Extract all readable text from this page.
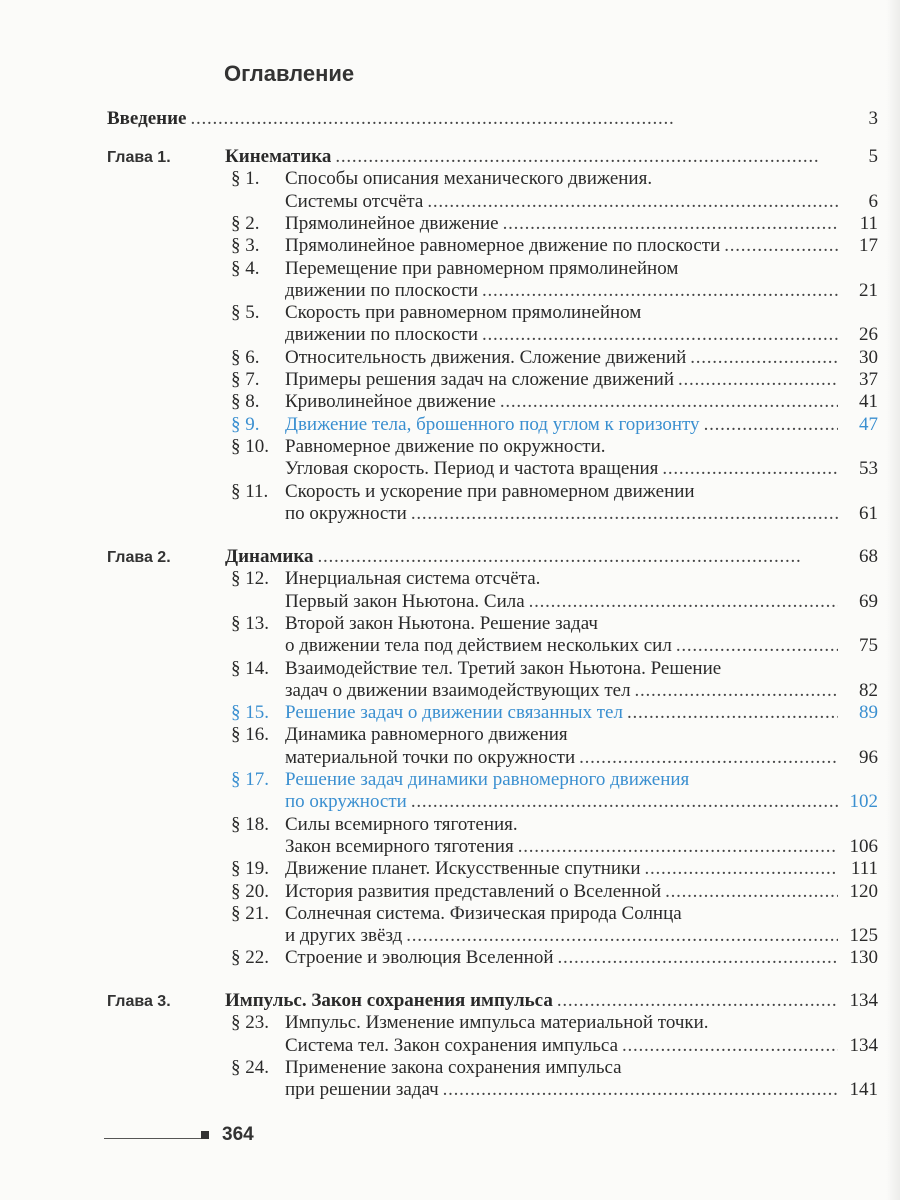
Оглавление
Введение . . .	3
Глава 1.	Кинематика . . .	5
§ 1. Способы описания механического движения.
Системы отсчёта . . .	6
§ 2.	Прямолинейное движение . . .	11
§ 3.	Прямолинейное равномерное движение по плоскости . . .	17
§ 4. Перемещение при равномерном прямолинейном
движении по плоскости . . .	21
§ 5. Скорость при равномерном прямолинейном
движении по плоскости . . .	26
§ 6.	Относительность движения. Сложение движений . . .	30
§ 7.	Примеры решения задач на сложение движений . . .	37
§ 8.	Криволинейное движение . . .	41
§ 9.	Движение тела, брошенного под углом к горизонту . . .	47
§ 10. Равномерное движение по окружности.
Угловая скорость. Период и частота вращения . . .	53
§ 11. Скорость и ускорение при равномерном движении
по окружности . . .	61
Глава 2.	Динамика . . .	68
§ 12. Инерциальная система отсчёта.
Первый закон Ньютона. Сила . . .	69
§ 13. Второй закон Ньютона. Решение задач
о движении тела под действием нескольких сил . . .	75
§ 14. Взаимодействие тел. Третий закон Ньютона. Решение
задач о движении взаимодействующих тел . . .	82
§ 15. Решение задач о движении связанных тел . . .	89
§ 16. Динамика равномерного движения
материальной точки по окружности . . .	96
§ 17. Решение задач динамики равномерного движения
по окружности . . .	102
§ 18. Силы всемирного тяготения.
Закон всемирного тяготения . . .	106
§ 19. Движение планет. Искусственные спутники . . .	111
§ 20. История развития представлений о Вселенной . . .	120
§ 21. Солнечная система. Физическая природа Солнца
и других звёзд . . .	125
§ 22. Строение и эволюция Вселенной . . .	130
Глава 3.	Импульс. Закон сохранения импульса . . .	134
§ 23. Импульс. Изменение импульса материальной точки.
Система тел. Закон сохранения импульса . . .	134
§ 24. Применение закона сохранения импульса
при решении задач . . .	141
364
